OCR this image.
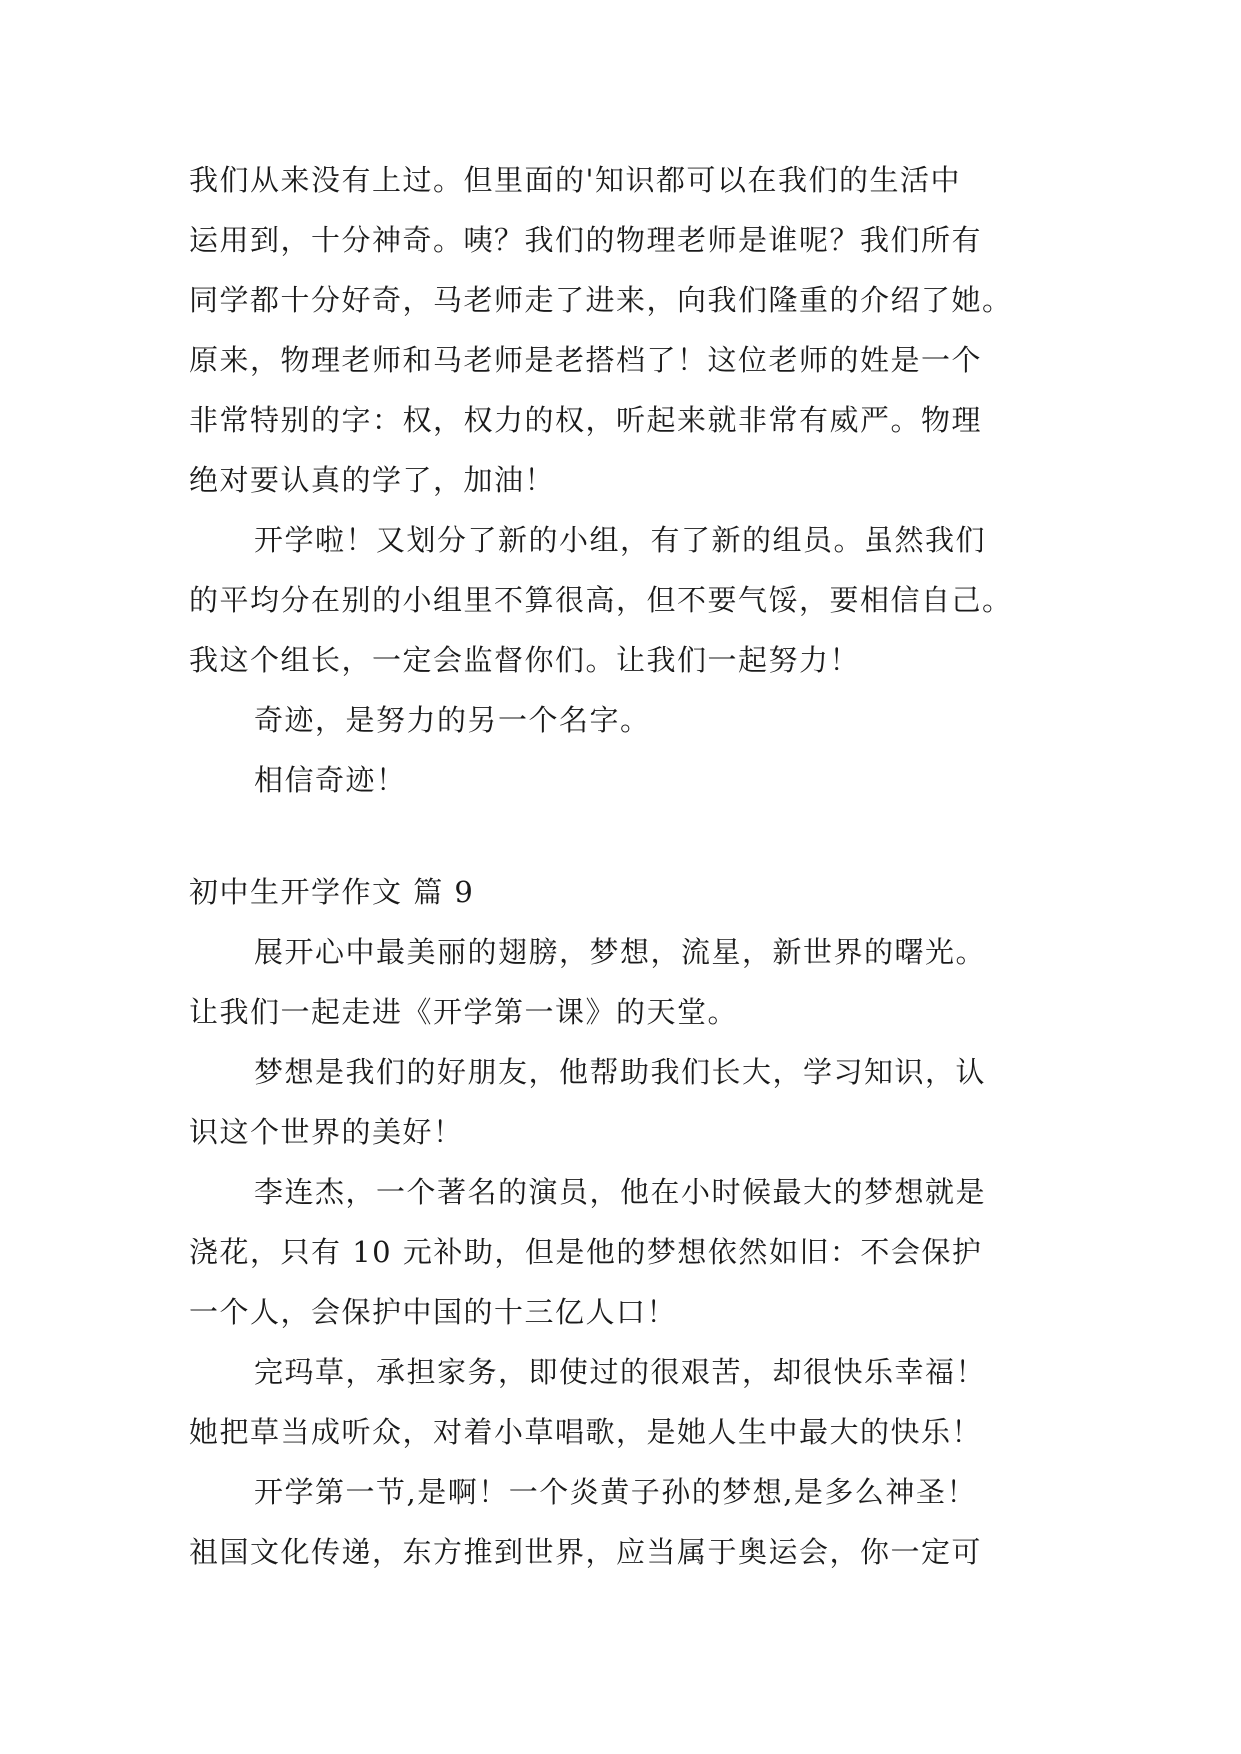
我们从来没有上过。但里面的'知识都可以在我们的生活中
运用到，十分神奇。咦？我们的物理老师是谁呢？我们所有
同学都十分好奇，马老师走了进来，向我们隆重的介绍了她。
原来，物理老师和马老师是老搭档了！这位老师的姓是一个
非常特别的字：权，权力的权，听起来就非常有威严。物理
绝对要认真的学了，加油！
开学啦！又划分了新的小组，有了新的组员。虽然我们
的平均分在别的小组里不算很高，但不要气馁，要相信自己。
我这个组长，一定会监督你们。让我们一起努力！
奇迹，是努力的另一个名字。
相信奇迹！
初中生开学作文 篇 9
展开心中最美丽的翅膀，梦想，流星，新世界的曙光。
让我们一起走进《开学第一课》的天堂。
梦想是我们的好朋友，他帮助我们长大，学习知识，认
识这个世界的美好！
李连杰，一个著名的演员，他在小时候最大的梦想就是
浇花，只有 10 元补助，但是他的梦想依然如旧：不会保护
一个人，会保护中国的十三亿人口！
完玛草，承担家务，即使过的很艰苦，却很快乐幸福！
她把草当成听众，对着小草唱歌，是她人生中最大的快乐！
开学第一节,是啊！一个炎黄子孙的梦想,是多么神圣！
祖国文化传递，东方推到世界，应当属于奥运会，你一定可
